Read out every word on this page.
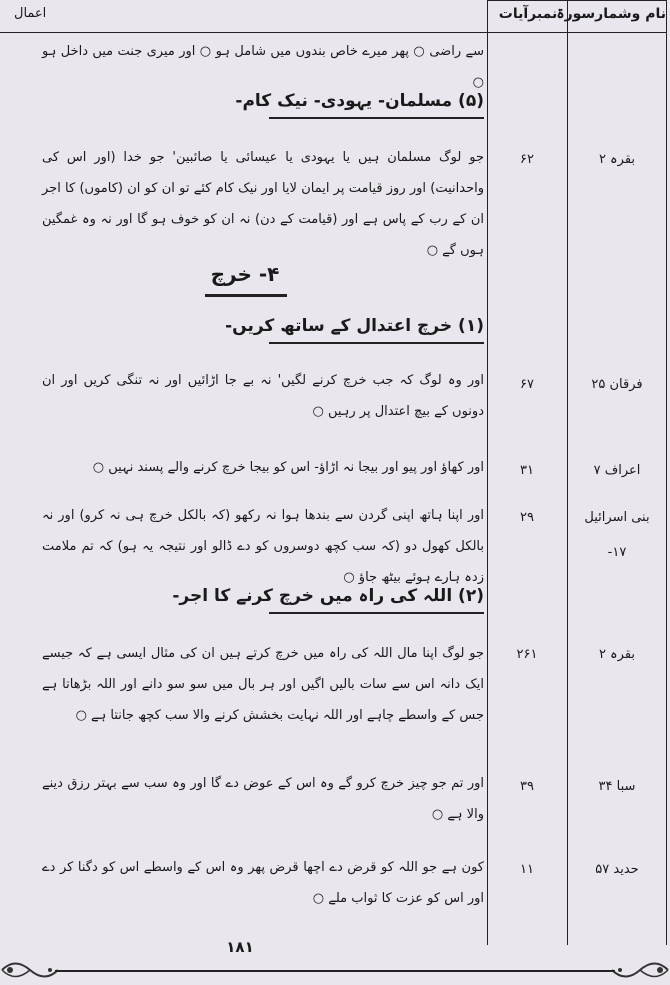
نام وشمارسورۃ
نمبرآیات
اعمال
سے راضی ○ پھر میرے خاص بندوں میں شامل ہو ○ اور میری جنت میں داخل ہو ○
(۵) مسلمان- یہودی- نیک کام-
بقرہ ۲
۶۲
جو لوگ مسلمان ہیں یا یہودی یا عیسائی یا صائبین' جو خدا (اور اس کی واحدانیت) اور روز قیامت پر ایمان لایا اور نیک کام کئے تو ان کو ان (کاموں) کا اجر ان کے رب کے پاس ہے اور (قیامت کے دن) نہ ان کو خوف ہو گا اور نہ وہ غمگین ہوں گے ○
۴- خرچ
(۱) خرچ اعتدال کے ساتھ کریں-
فرقان ۲۵
۶۷
اور وہ لوگ کہ جب خرچ کرنے لگیں' نہ بے جا اڑائیں اور نہ تنگی کریں اور ان دونوں کے بیچ اعتدال پر رہیں ○
اعراف ۷
۳۱
اور کھاؤ اور پیو اور بیجا نہ اڑاؤ- اس کو بیجا خرچ کرنے والے پسند نہیں ○
بنی اسرائیل
۱۷-
۲۹
اور اپنا ہاتھ اپنی گردن سے بندھا ہوا نہ رکھو (کہ بالکل خرچ ہی نہ کرو) اور نہ بالکل کھول دو (کہ سب کچھ دوسروں کو دے ڈالو اور نتیجہ یہ ہو) کہ تم ملامت زدہ ہارے ہوئے بیٹھ جاؤ ○
(۲) اللہ کی راہ میں خرچ کرنے کا اجر-
بقرہ ۲
۲۶۱
جو لوگ اپنا مال اللہ کی راہ میں خرچ کرتے ہیں ان کی مثال ایسی ہے کہ جیسے ایک دانہ اس سے سات بالیں اگیں اور ہر بال میں سو سو دانے اور اللہ بڑھاتا ہے جس کے واسطے چاہے اور اللہ نہایت بخشش کرنے والا سب کچھ جانتا ہے ○
سبا ۳۴
۳۹
اور تم جو چیز خرچ کرو گے وہ اس کے عوض دے گا اور وہ سب سے بہتر رزق دینے والا ہے ○
حدید ۵۷
۱۱
کون ہے جو اللہ کو قرض دے اچھا قرض پھر وہ اس کے واسطے اس کو دگنا کر دے اور اس کو عزت کا ثواب ملے ○
۱۸۱
